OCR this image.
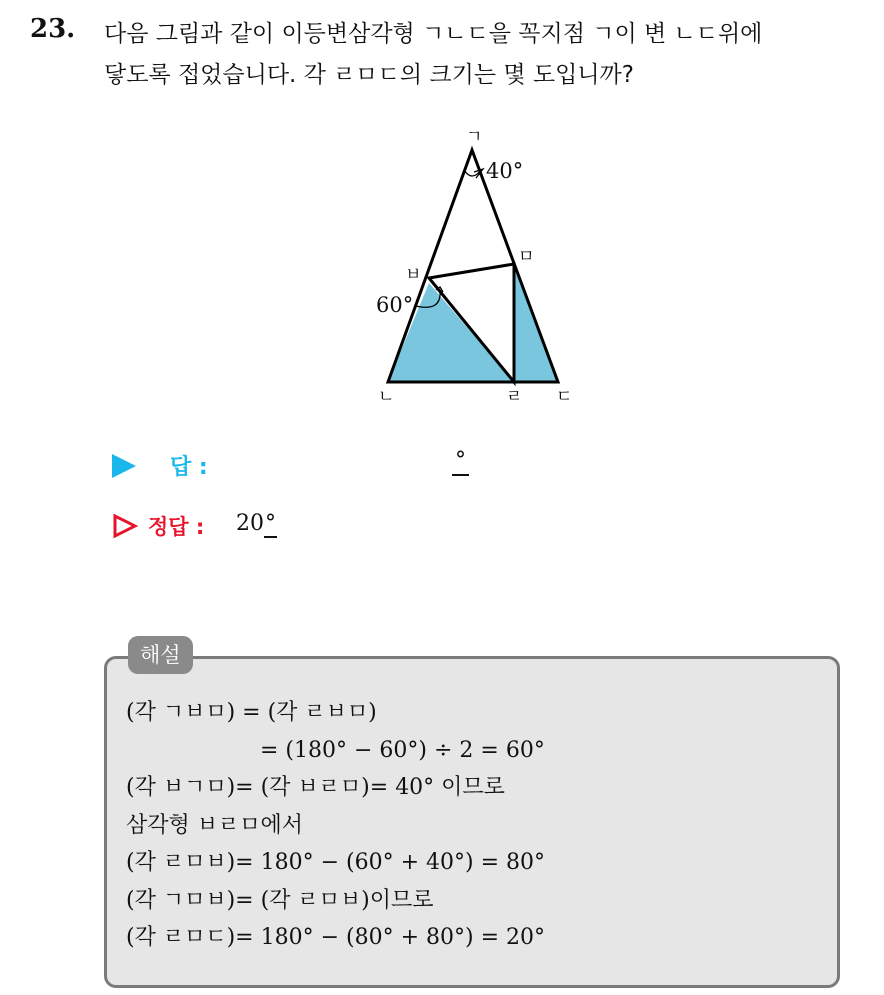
23. 다음 그림과 같이 이등변삼각형 ㄱㄴㄷ을 꼭지점 ㄱ이 변 ㄴㄷ위에
닿도록 접었습니다. 각 ㄹㅁㄷ의 크기는 몇 도입니까?
ㄱ
ㄴ	ㄷ
ㄹ
ㅁ
ㅂ
40°
60°
답 :	°
정답 : 20°
해설
(각 ㄱㅂㅁ) = (각 ㄹㅂㅁ)
= (180° − 60°) ÷ 2 = 60°
(각 ㅂㄱㅁ)= (각 ㅂㄹㅁ)= 40° 이므로
삼각형 ㅂㄹㅁ에서
(각 ㄹㅁㅂ)= 180° − (60° + 40°) = 80°
(각 ㄱㅁㅂ)= (각 ㄹㅁㅂ)이므로
(각 ㄹㅁㄷ)= 180° − (80° + 80°) = 20°
